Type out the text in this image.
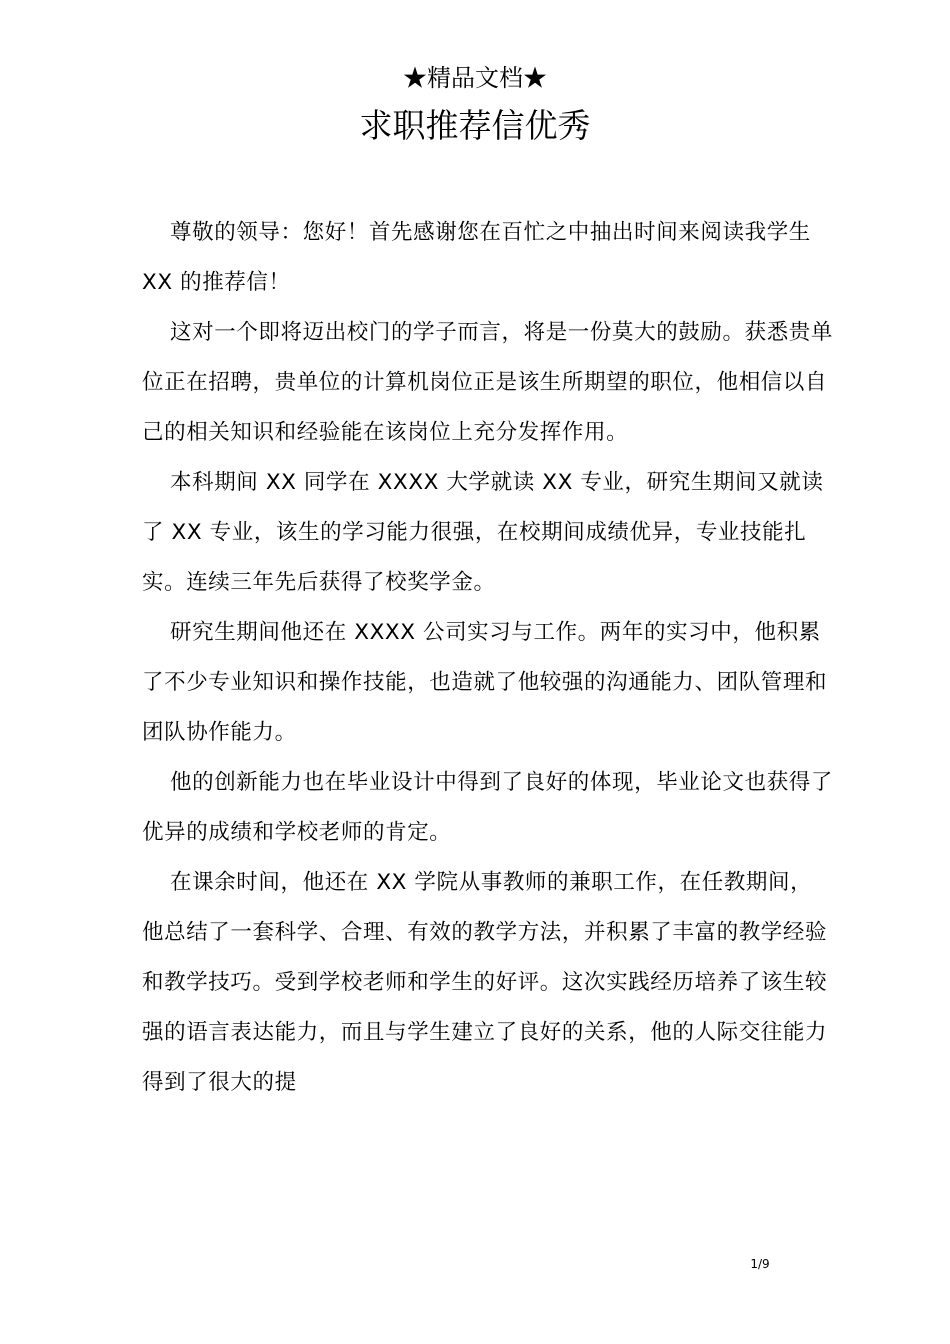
★精品文档★
求职推荐信优秀

尊敬的领导：您好！首先感谢您在百忙之中抽出时间来阅读我学生 XX 的推荐信！

这对一个即将迈出校门的学子而言，将是一份莫大的鼓励。获悉贵单位正在招聘，贵单位的计算机岗位正是该生所期望的职位，他相信以自己的相关知识和经验能在该岗位上充分发挥作用。

本科期间 XX 同学在 XXXX 大学就读 XX 专业，研究生期间又就读了 XX 专业，该生的学习能力很强，在校期间成绩优异，专业技能扎实。连续三年先后获得了校奖学金。

研究生期间他还在 XXXX 公司实习与工作。两年的实习中，他积累了不少专业知识和操作技能，也造就了他较强的沟通能力、团队管理和团队协作能力。

他的创新能力也在毕业设计中得到了良好的体现，毕业论文也获得了优异的成绩和学校老师的肯定。

在课余时间，他还在 XX 学院从事教师的兼职工作，在任教期间，他总结了一套科学、合理、有效的教学方法，并积累了丰富的教学经验和教学技巧。受到学校老师和学生的好评。这次实践经历培养了该生较强的语言表达能力，而且与学生建立了良好的关系，他的人际交往能力得到了很大的提

1/9
